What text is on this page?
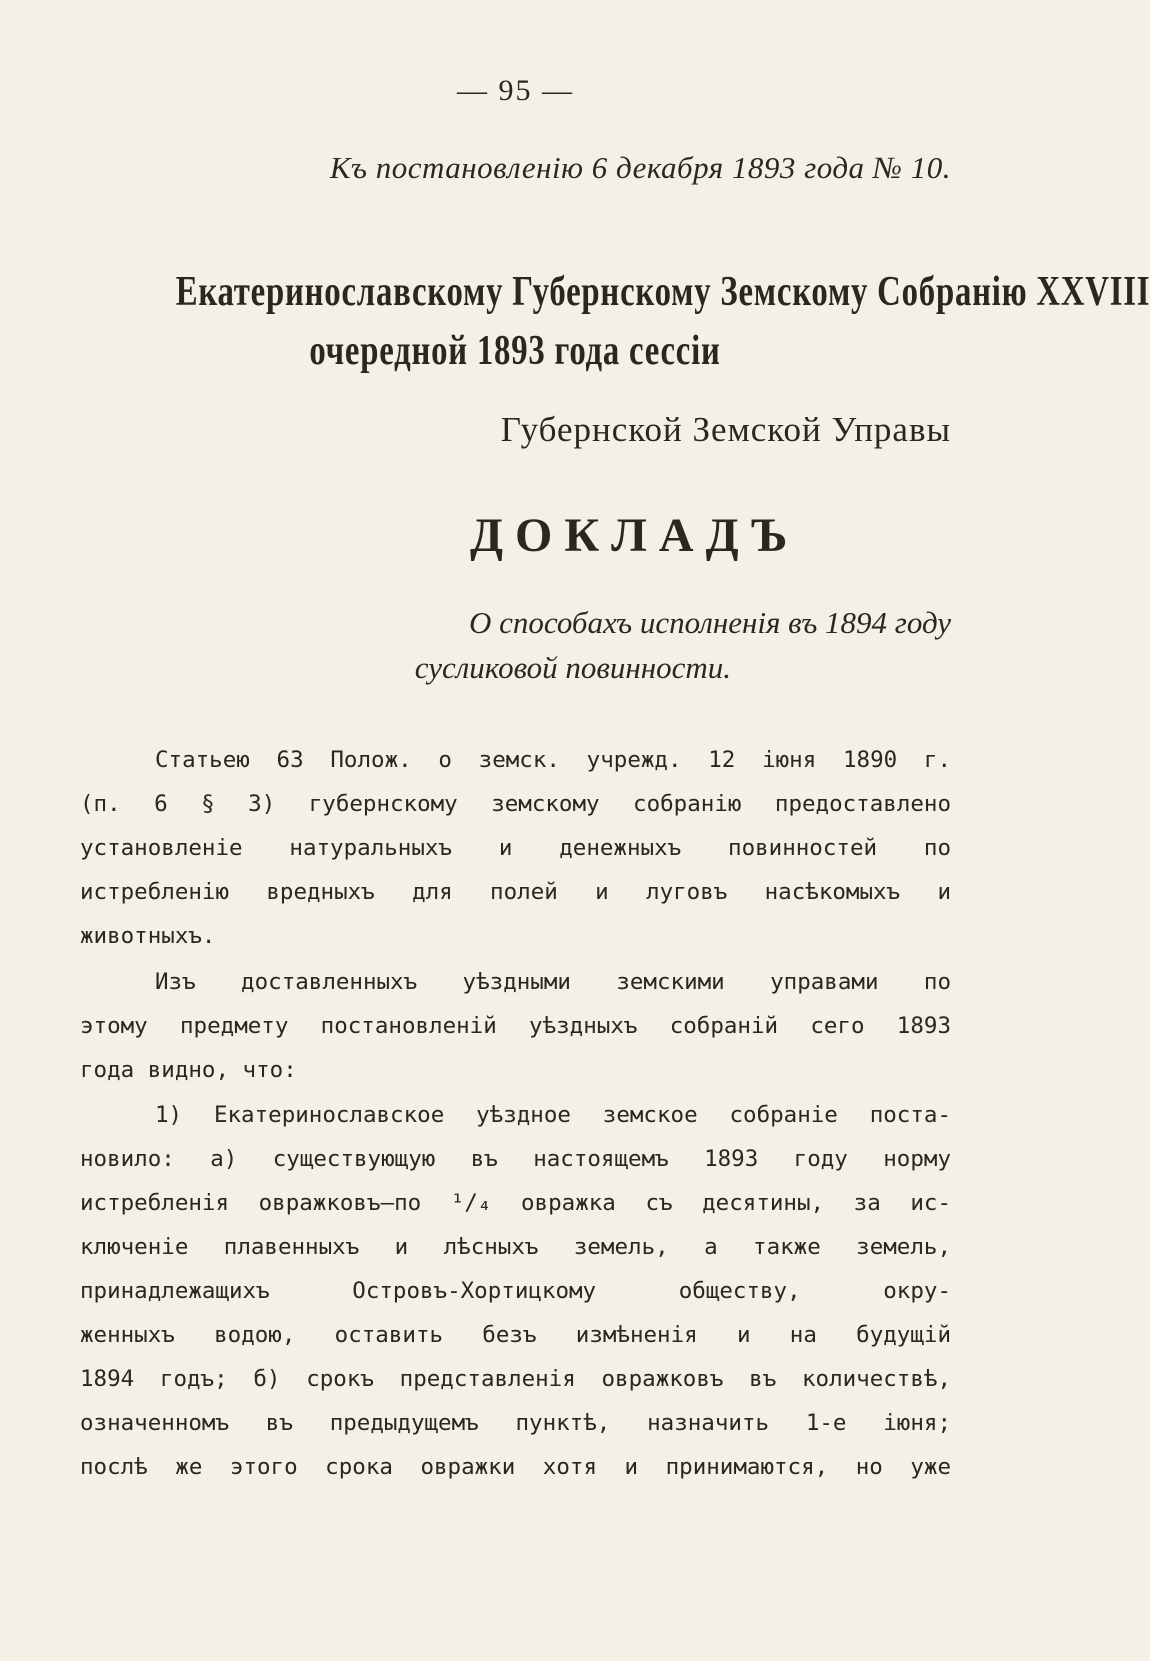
— 95 —
Къ постановленію 6 декабря 1893 года № 10.
Екатеринославскому Губернскому Земскому Собранію XXVIII
очередной 1893 года сессіи
Губернской Земской Управы
ДОКЛАДЪ
О способахъ исполненія въ 1894 году
сусликовой повинности.
Статьею 63 Полож. о земск. учрежд. 12 іюня 1890 г.
(п. 6 § 3) губернскому земскому собранію предоставлено
установленіе натуральныхъ и денежныхъ повинностей по
истребленію вредныхъ для полей и луговъ насѣкомыхъ и
животныхъ.
Изъ доставленныхъ уѣздными земскими управами по
этому предмету постановленій уѣздныхъ собраній сего 1893
года видно, что:
1) Екатеринославское уѣздное земское собраніе поста-
новило: а) существующую въ настоящемъ 1893 году норму
истребленія овражковъ—по ¹/₄ овражка съ десятины, за ис-
ключеніе плавенныхъ и лѣсныхъ земель, а также земель,
принадлежащихъ Островъ-Хортицкому обществу, окру-
женныхъ водою, оставить безъ измѣненія и на будущій
1894 годъ; б) срокъ представленія овражковъ въ количествѣ,
означенномъ въ предыдущемъ пунктѣ, назначить 1-е іюня;
послѣ же этого срока овражки хотя и принимаются, но уже
